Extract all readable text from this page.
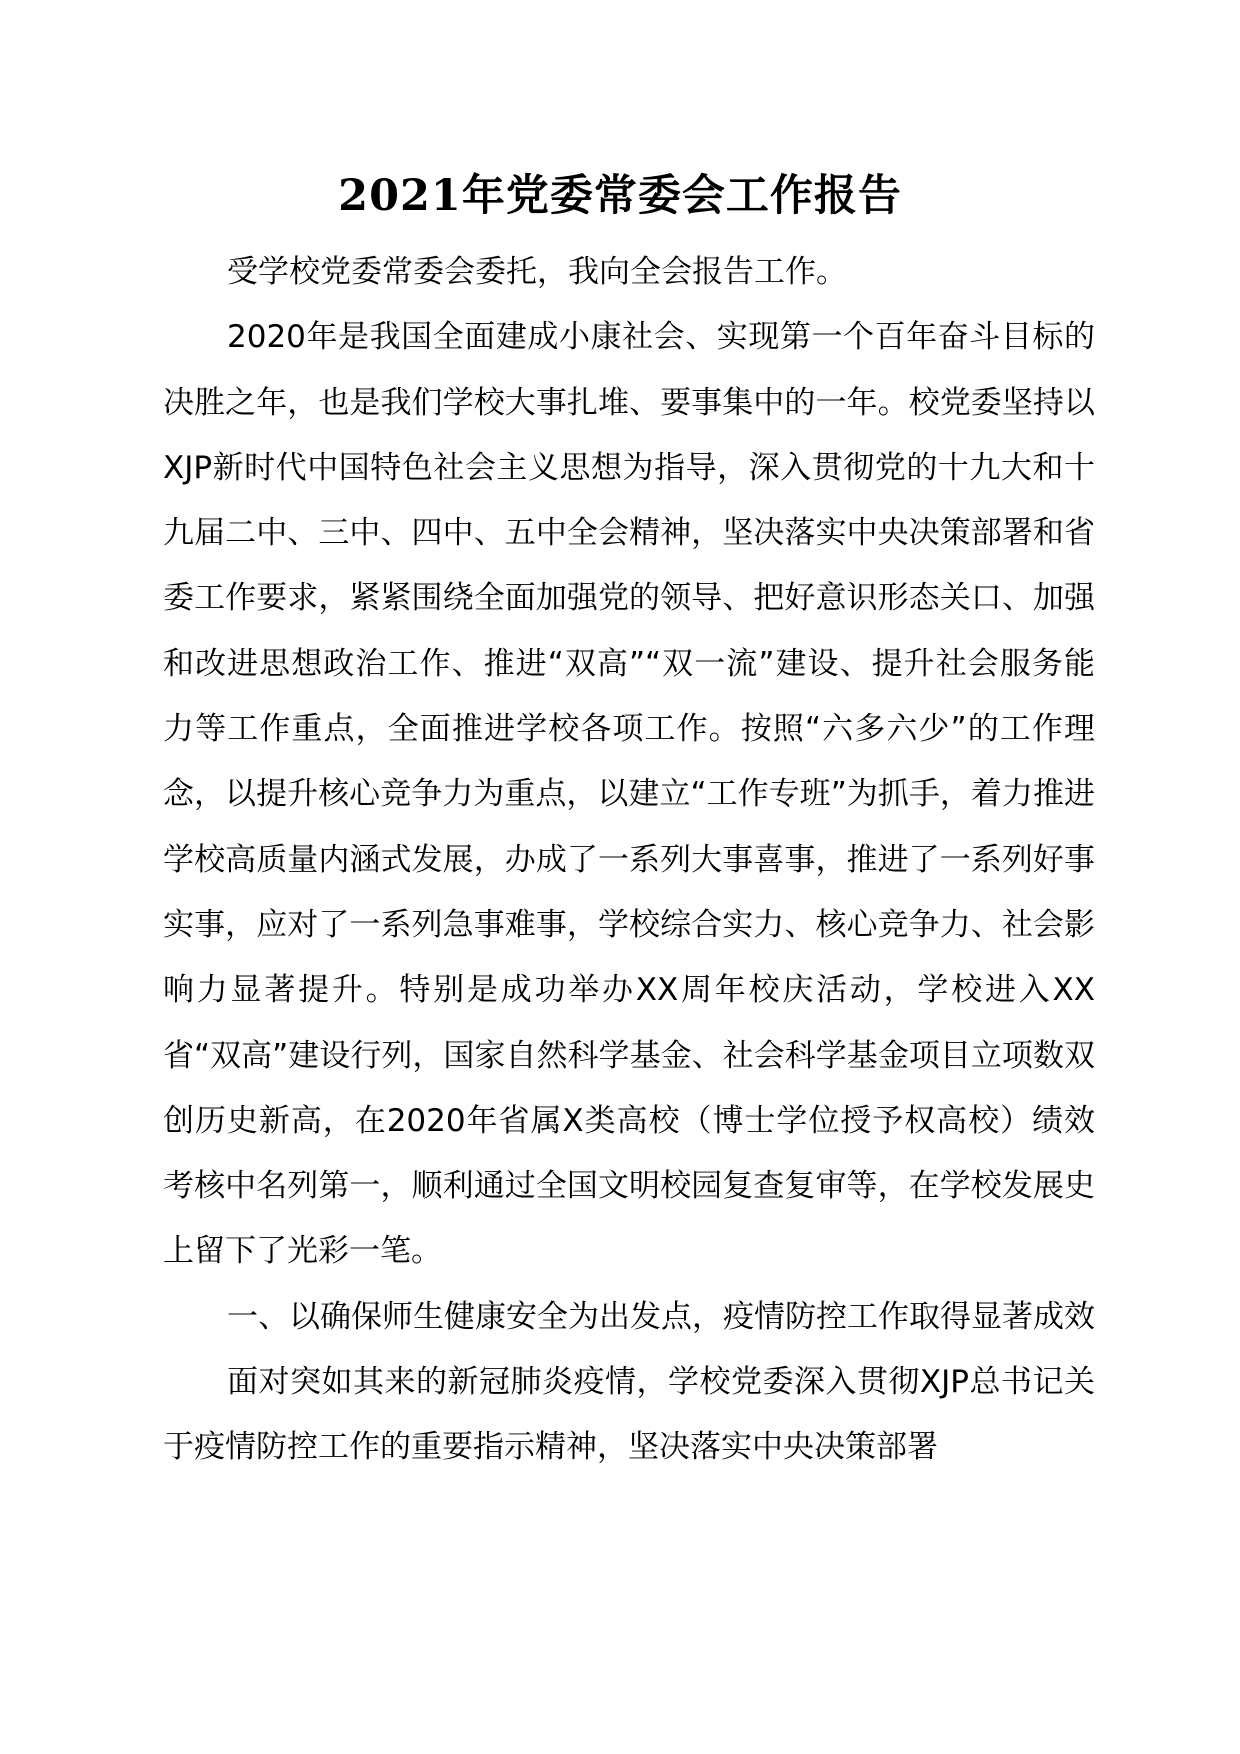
2021年党委常委会工作报告

受学校党委常委会委托，我向全会报告工作。

2020年是我国全面建成小康社会、实现第一个百年奋斗目标的决胜之年，也是我们学校大事扎堆、要事集中的一年。校党委坚持以XJP新时代中国特色社会主义思想为指导，深入贯彻党的十九大和十九届二中、三中、四中、五中全会精神，坚决落实中央决策部署和省委工作要求，紧紧围绕全面加强党的领导、把好意识形态关口、加强和改进思想政治工作、推进“双高”“双一流”建设、提升社会服务能力等工作重点，全面推进学校各项工作。按照“六多六少”的工作理念，以提升核心竞争力为重点，以建立“工作专班”为抓手，着力推进学校高质量内涵式发展，办成了一系列大事喜事，推进了一系列好事实事，应对了一系列急事难事，学校综合实力、核心竞争力、社会影响力显著提升。特别是成功举办XX周年校庆活动，学校进入XX省“双高”建设行列，国家自然科学基金、社会科学基金项目立项数双创历史新高，在2020年省属X类高校（博士学位授予权高校）绩效考核中名列第一，顺利通过全国文明校园复查复审等，在学校发展史上留下了光彩一笔。

一、以确保师生健康安全为出发点，疫情防控工作取得显著成效

面对突如其来的新冠肺炎疫情，学校党委深入贯彻XJP总书记关于疫情防控工作的重要指示精神，坚决落实中央决策部署
